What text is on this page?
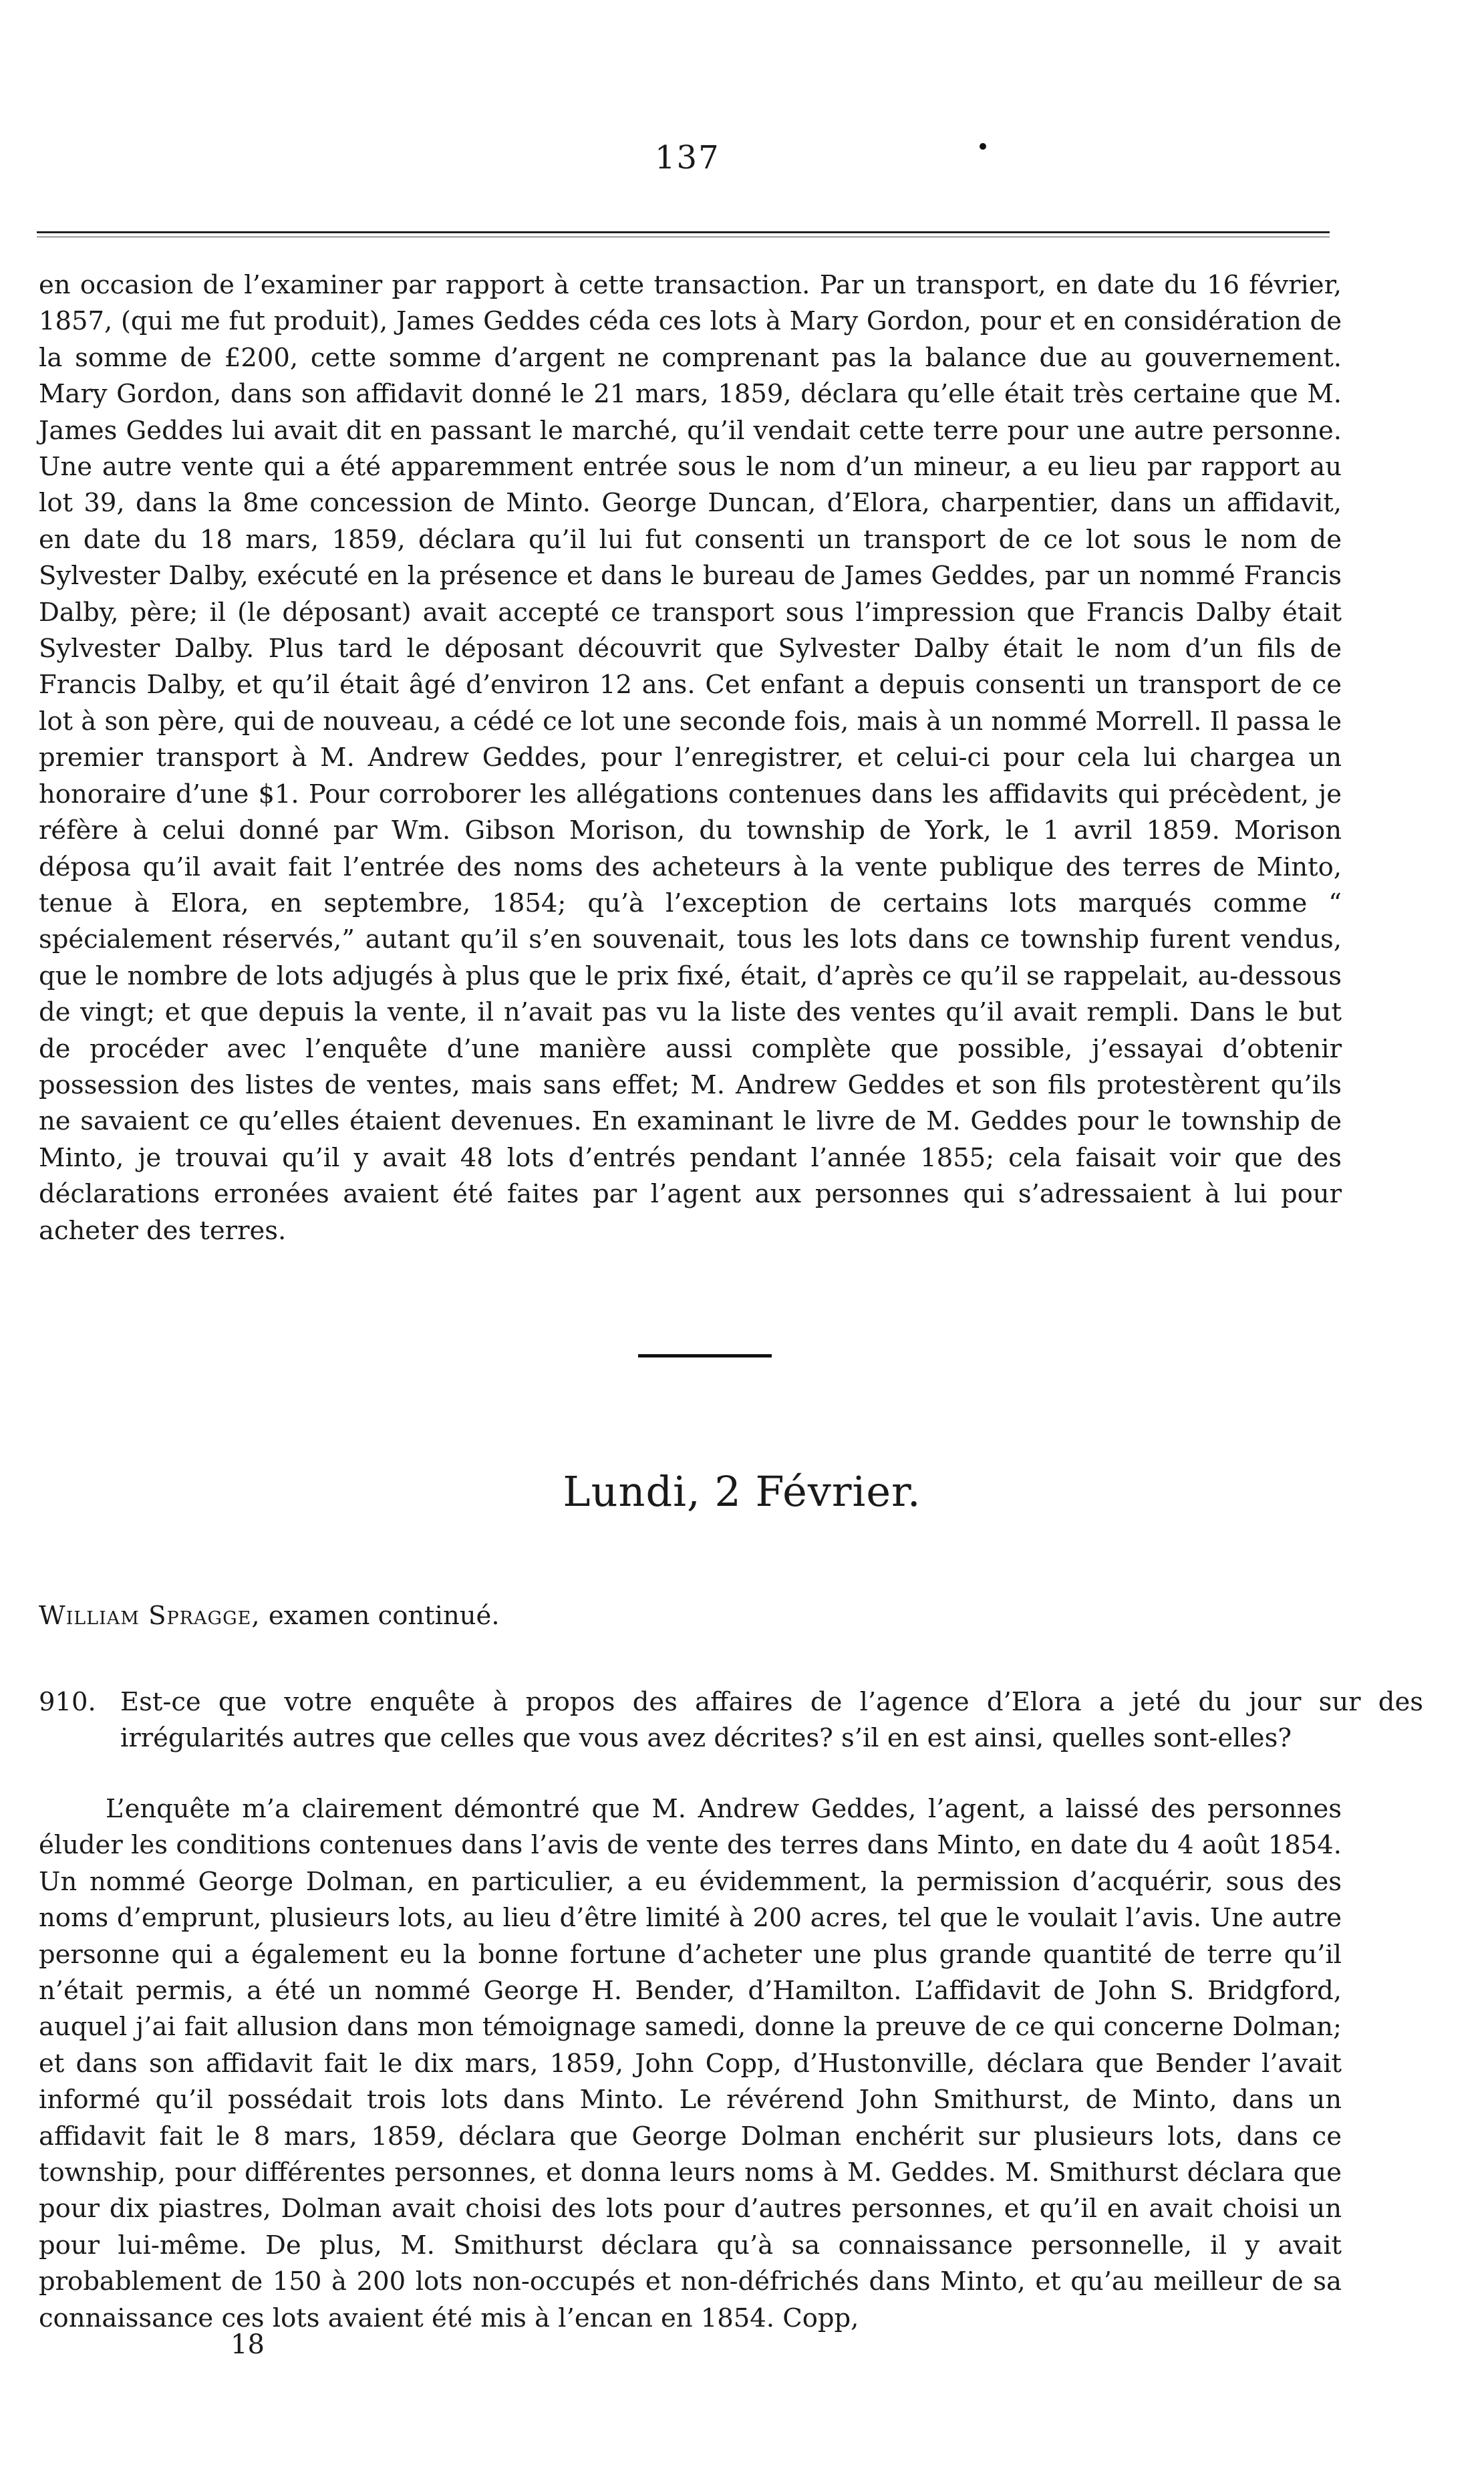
137

en occasion de l’examiner par rapport à cette transaction. Par un transport, en date du 16 février, 1857, (qui me fut produit), James Geddes céda ces lots à Mary Gordon, pour et en considération de la somme de £200, cette somme d’argent ne comprenant pas la balance due au gouvernement. Mary Gordon, dans son affidavit donné le 21 mars, 1859, déclara qu’elle était très certaine que M. James Geddes lui avait dit en passant le marché, qu’il vendait cette terre pour une autre personne. Une autre vente qui a été apparemment entrée sous le nom d’un mineur, a eu lieu par rapport au lot 39, dans la 8me concession de Minto. George Duncan, d’Elora, charpentier, dans un affidavit, en date du 18 mars, 1859, déclara qu’il lui fut consenti un transport de ce lot sous le nom de Sylvester Dalby, exécuté en la présence et dans le bureau de James Geddes, par un nommé Francis Dalby, père; il (le déposant) avait accepté ce transport sous l’impression que Francis Dalby était Sylvester Dalby. Plus tard le déposant découvrit que Sylvester Dalby était le nom d’un fils de Francis Dalby, et qu’il était âgé d’environ 12 ans. Cet enfant a depuis consenti un transport de ce lot à son père, qui de nouveau, a cédé ce lot une seconde fois, mais à un nommé Morrell. Il passa le premier transport à M. Andrew Geddes, pour l’enregistrer, et celui-ci pour cela lui chargea un honoraire d’une $1. Pour corroborer les allégations contenues dans les affidavits qui précèdent, je réfère à celui donné par Wm. Gibson Morison, du township de York, le 1 avril 1859. Morison déposa qu’il avait fait l’entrée des noms des acheteurs à la vente publique des terres de Minto, tenue à Elora, en septembre, 1854; qu’à l’exception de certains lots marqués comme “ spécialement réservés,” autant qu’il s’en souvenait, tous les lots dans ce township furent vendus, que le nombre de lots adjugés à plus que le prix fixé, était, d’après ce qu’il se rappelait, au-dessous de vingt; et que depuis la vente, il n’avait pas vu la liste des ventes qu’il avait rempli. Dans le but de procéder avec l’enquête d’une manière aussi complète que possible, j’essayai d’obtenir possession des listes de ventes, mais sans effet; M. Andrew Geddes et son fils protestèrent qu’ils ne savaient ce qu’elles étaient devenues. En examinant le livre de M. Geddes pour le township de Minto, je trouvai qu’il y avait 48 lots d’entrés pendant l’année 1855; cela faisait voir que des déclarations erronées avaient été faites par l’agent aux personnes qui s’adressaient à lui pour acheter des terres.

Lundi, 2 Février.
William Spragge, examen continué.

910. Est-ce que votre enquête à propos des affaires de l’agence d’Elora a jeté du jour sur des irrégularités autres que celles que vous avez décrites? s’il en est ainsi, quelles sont-elles?

L’enquête m’a clairement démontré que M. Andrew Geddes, l’agent, a laissé des personnes éluder les conditions contenues dans l’avis de vente des terres dans Minto, en date du 4 août 1854. Un nommé George Dolman, en particulier, a eu évidemment, la permission d’acquérir, sous des noms d’emprunt, plusieurs lots, au lieu d’être limité à 200 acres, tel que le voulait l’avis. Une autre personne qui a également eu la bonne fortune d’acheter une plus grande quantité de terre qu’il n’était permis, a été un nommé George H. Bender, d’Hamilton. L’affidavit de John S. Bridgford, auquel j’ai fait allusion dans mon témoignage samedi, donne la preuve de ce qui concerne Dolman; et dans son affidavit fait le dix mars, 1859, John Copp, d’Hustonville, déclara que Bender l’avait informé qu’il possédait trois lots dans Minto. Le révérend John Smithurst, de Minto, dans un affidavit fait le 8 mars, 1859, déclara que George Dolman enchérit sur plusieurs lots, dans ce township, pour différentes personnes, et donna leurs noms à M. Geddes. M. Smithurst déclara que pour dix piastres, Dolman avait choisi des lots pour d’autres personnes, et qu’il en avait choisi un pour lui-même. De plus, M. Smithurst déclara qu’à sa connaissance personnelle, il y avait probablement de 150 à 200 lots non-occupés et non-défrichés dans Minto, et qu’au meilleur de sa connaissance ces lots avaient été mis à l’encan en 1854. Copp,

18
